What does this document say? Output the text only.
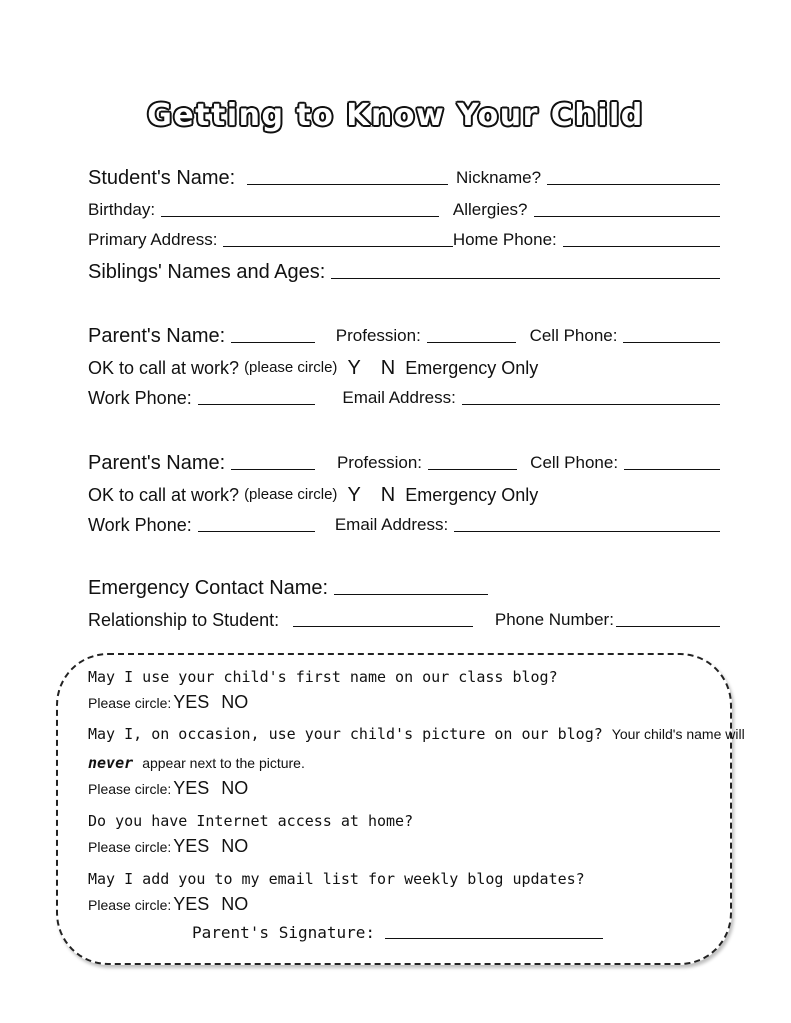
Getting to Know Your Child
Student's Name:	Nickname?
Birthday:	Allergies?
Primary Address:	Home Phone:
Siblings' Names and Ages:
Parent's Name:	Profession:	Cell Phone:
OK to call at work? (please circle) Y N Emergency Only
Work Phone:	Email Address:
Parent's Name:	Profession:	Cell Phone:
OK to call at work? (please circle) Y N Emergency Only
Work Phone:	Email Address:
Emergency Contact Name:
Relationship to Student:	Phone Number:
May I use your child's first name on our class blog?
Please circle: YES NO
May I, on occasion, use your child's picture on our blog? Your child's name will
never appear next to the picture.
Please circle: YES NO
Do you have Internet access at home?
Please circle: YES NO
May I add you to my email list for weekly blog updates?
Please circle: YES NO
Parent's Signature:
